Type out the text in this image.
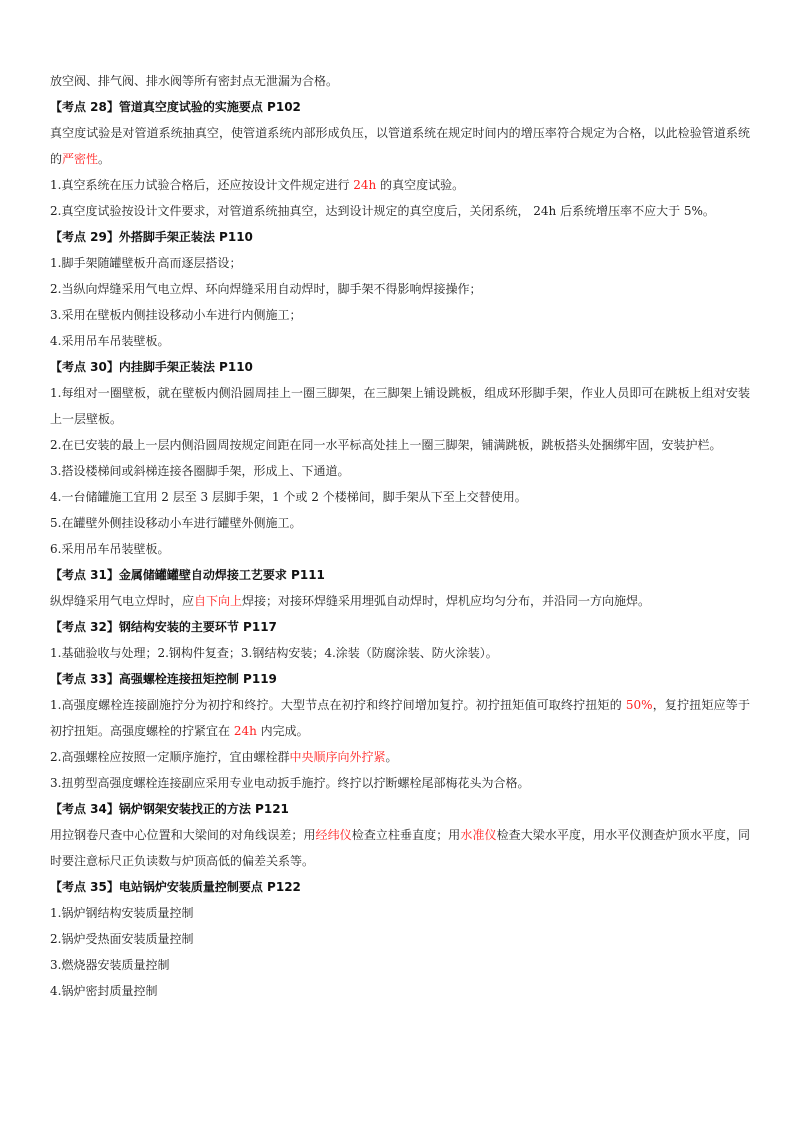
放空阀、排气阀、排水阀等所有密封点无泄漏为合格。
【考点 28】管道真空度试验的实施要点 P102
真空度试验是对管道系统抽真空，使管道系统内部形成负压，以管道系统在规定时间内的增压率符合规定为合格，以此检验管道系统的严密性。
1.真空系统在压力试验合格后，还应按设计文件规定进行 24h 的真空度试验。
2.真空度试验按设计文件要求，对管道系统抽真空，达到设计规定的真空度后，关闭系统， 24h 后系统增压率不应大于 5%。
【考点 29】外搭脚手架正装法 P110
1.脚手架随罐壁板升高而逐层搭设；
2.当纵向焊缝采用气电立焊、环向焊缝采用自动焊时，脚手架不得影响焊接操作；
3.采用在壁板内侧挂设移动小车进行内侧施工；
4.采用吊车吊装壁板。
【考点 30】内挂脚手架正装法 P110
1.每组对一圈壁板，就在壁板内侧沿圆周挂上一圈三脚架，在三脚架上铺设跳板，组成环形脚手架，作业人员即可在跳板上组对安装上一层壁板。
2.在已安装的最上一层内侧沿圆周按规定间距在同一水平标高处挂上一圈三脚架，铺满跳板，跳板搭头处捆绑牢固，安装护栏。
3.搭设楼梯间或斜梯连接各圈脚手架，形成上、下通道。
4.一台储罐施工宜用 2 层至 3 层脚手架，1 个或 2 个楼梯间，脚手架从下至上交替使用。
5.在罐壁外侧挂设移动小车进行罐壁外侧施工。
6.采用吊车吊装壁板。
【考点 31】金属储罐罐壁自动焊接工艺要求 P111
纵焊缝采用气电立焊时，应自下向上焊接；对接环焊缝采用埋弧自动焊时，焊机应均匀分布，并沿同一方向施焊。
【考点 32】钢结构安装的主要环节 P117
1.基础验收与处理；2.钢构件复查；3.钢结构安装；4.涂装（防腐涂装、防火涂装）。
【考点 33】高强螺栓连接扭矩控制 P119
1.高强度螺栓连接副施拧分为初拧和终拧。大型节点在初拧和终拧间增加复拧。初拧扭矩值可取终拧扭矩的 50%，复拧扭矩应等于初拧扭矩。高强度螺栓的拧紧宜在 24h 内完成。
2.高强螺栓应按照一定顺序施拧，宜由螺栓群中央顺序向外拧紧。
3.扭剪型高强度螺栓连接副应采用专业电动扳手施拧。终拧以拧断螺栓尾部梅花头为合格。
【考点 34】锅炉钢架安装找正的方法 P121
用拉钢卷尺查中心位置和大梁间的对角线误差；用经纬仪检查立柱垂直度；用水准仪检查大梁水平度，用水平仪测查炉顶水平度，同时要注意标尺正负读数与炉顶高低的偏差关系等。
【考点 35】电站锅炉安装质量控制要点 P122
1.锅炉钢结构安装质量控制
2.锅炉受热面安装质量控制
3.燃烧器安装质量控制
4.锅炉密封质量控制
